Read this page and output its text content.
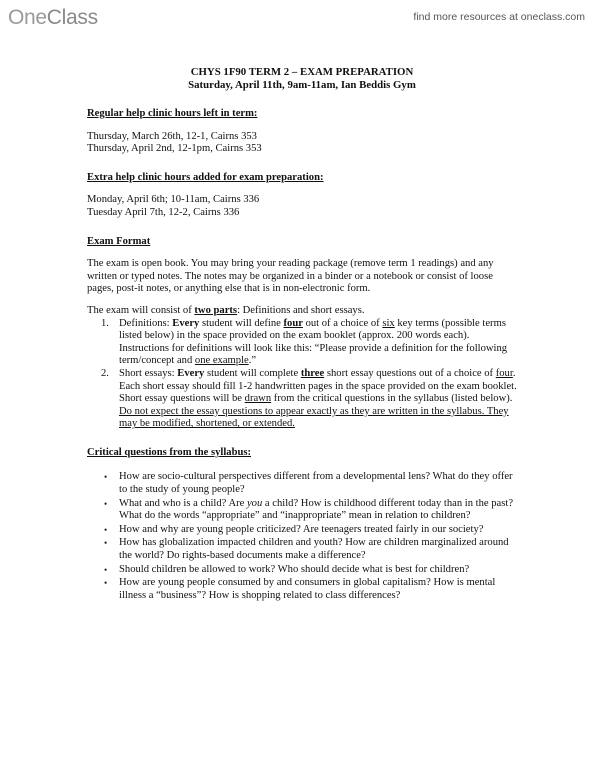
OneClass	find more resources at oneclass.com
CHYS 1F90 TERM 2 – EXAM PREPARATION
Saturday, April 11th, 9am-11am, Ian Beddis Gym
Regular help clinic hours left in term:

Thursday, March 26th, 12-1, Cairns 353

Thursday, April 2nd, 12-1pm, Cairns 353

Extra help clinic hours added for exam preparation:

Monday, April 6th; 10-11am, Cairns 336

Tuesday April 7th, 12-2, Cairns 336

Exam Format

The exam is open book. You may bring your reading package (remove term 1 readings) and any written or typed notes. The notes may be organized in a binder or a notebook or consist of loose pages, post-it notes, or anything else that is in non-electronic form.

The exam will consist of two parts: Definitions and short essays.

1. Definitions: Every student will define four out of a choice of six key terms (possible terms listed below) in the space provided on the exam booklet (approx. 200 words each). Instructions for definitions will look like this: “Please provide a definition for the following term/concept and one example.”
2. Short essays: Every student will complete three short essay questions out of a choice of four. Each short essay should fill 1-2 handwritten pages in the space provided on the exam booklet. Short essay questions will be drawn from the critical questions in the syllabus (listed below). Do not expect the essay questions to appear exactly as they are written in the syllabus. They may be modified, shortened, or extended.
Critical questions from the syllabus:
• How are socio-cultural perspectives different from a developmental lens? What do they offer to the study of young people?
• What and who is a child? Are you a child? How is childhood different today than in the past? What do the words “appropriate” and “inappropriate” mean in relation to children?
• How and why are young people criticized? Are teenagers treated fairly in our society?
• How has globalization impacted children and youth? How are children marginalized around the world? Do rights-based documents make a difference?
• Should children be allowed to work? Who should decide what is best for children?
• How are young people consumed by and consumers in global capitalism? How is mental illness a “business”? How is shopping related to class differences?
